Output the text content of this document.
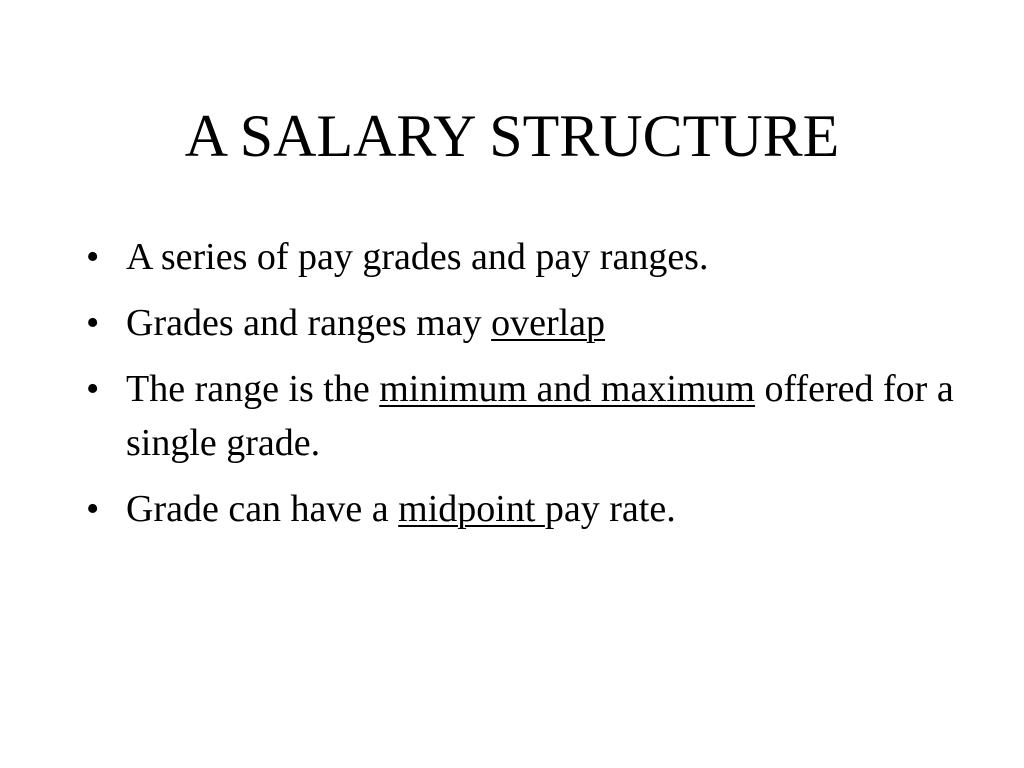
A SALARY STRUCTURE
• A series of pay grades and pay ranges.
• Grades and ranges may overlap
• The range is the minimum and maximum offered for a single grade.
• Grade can have a midpoint pay rate.
